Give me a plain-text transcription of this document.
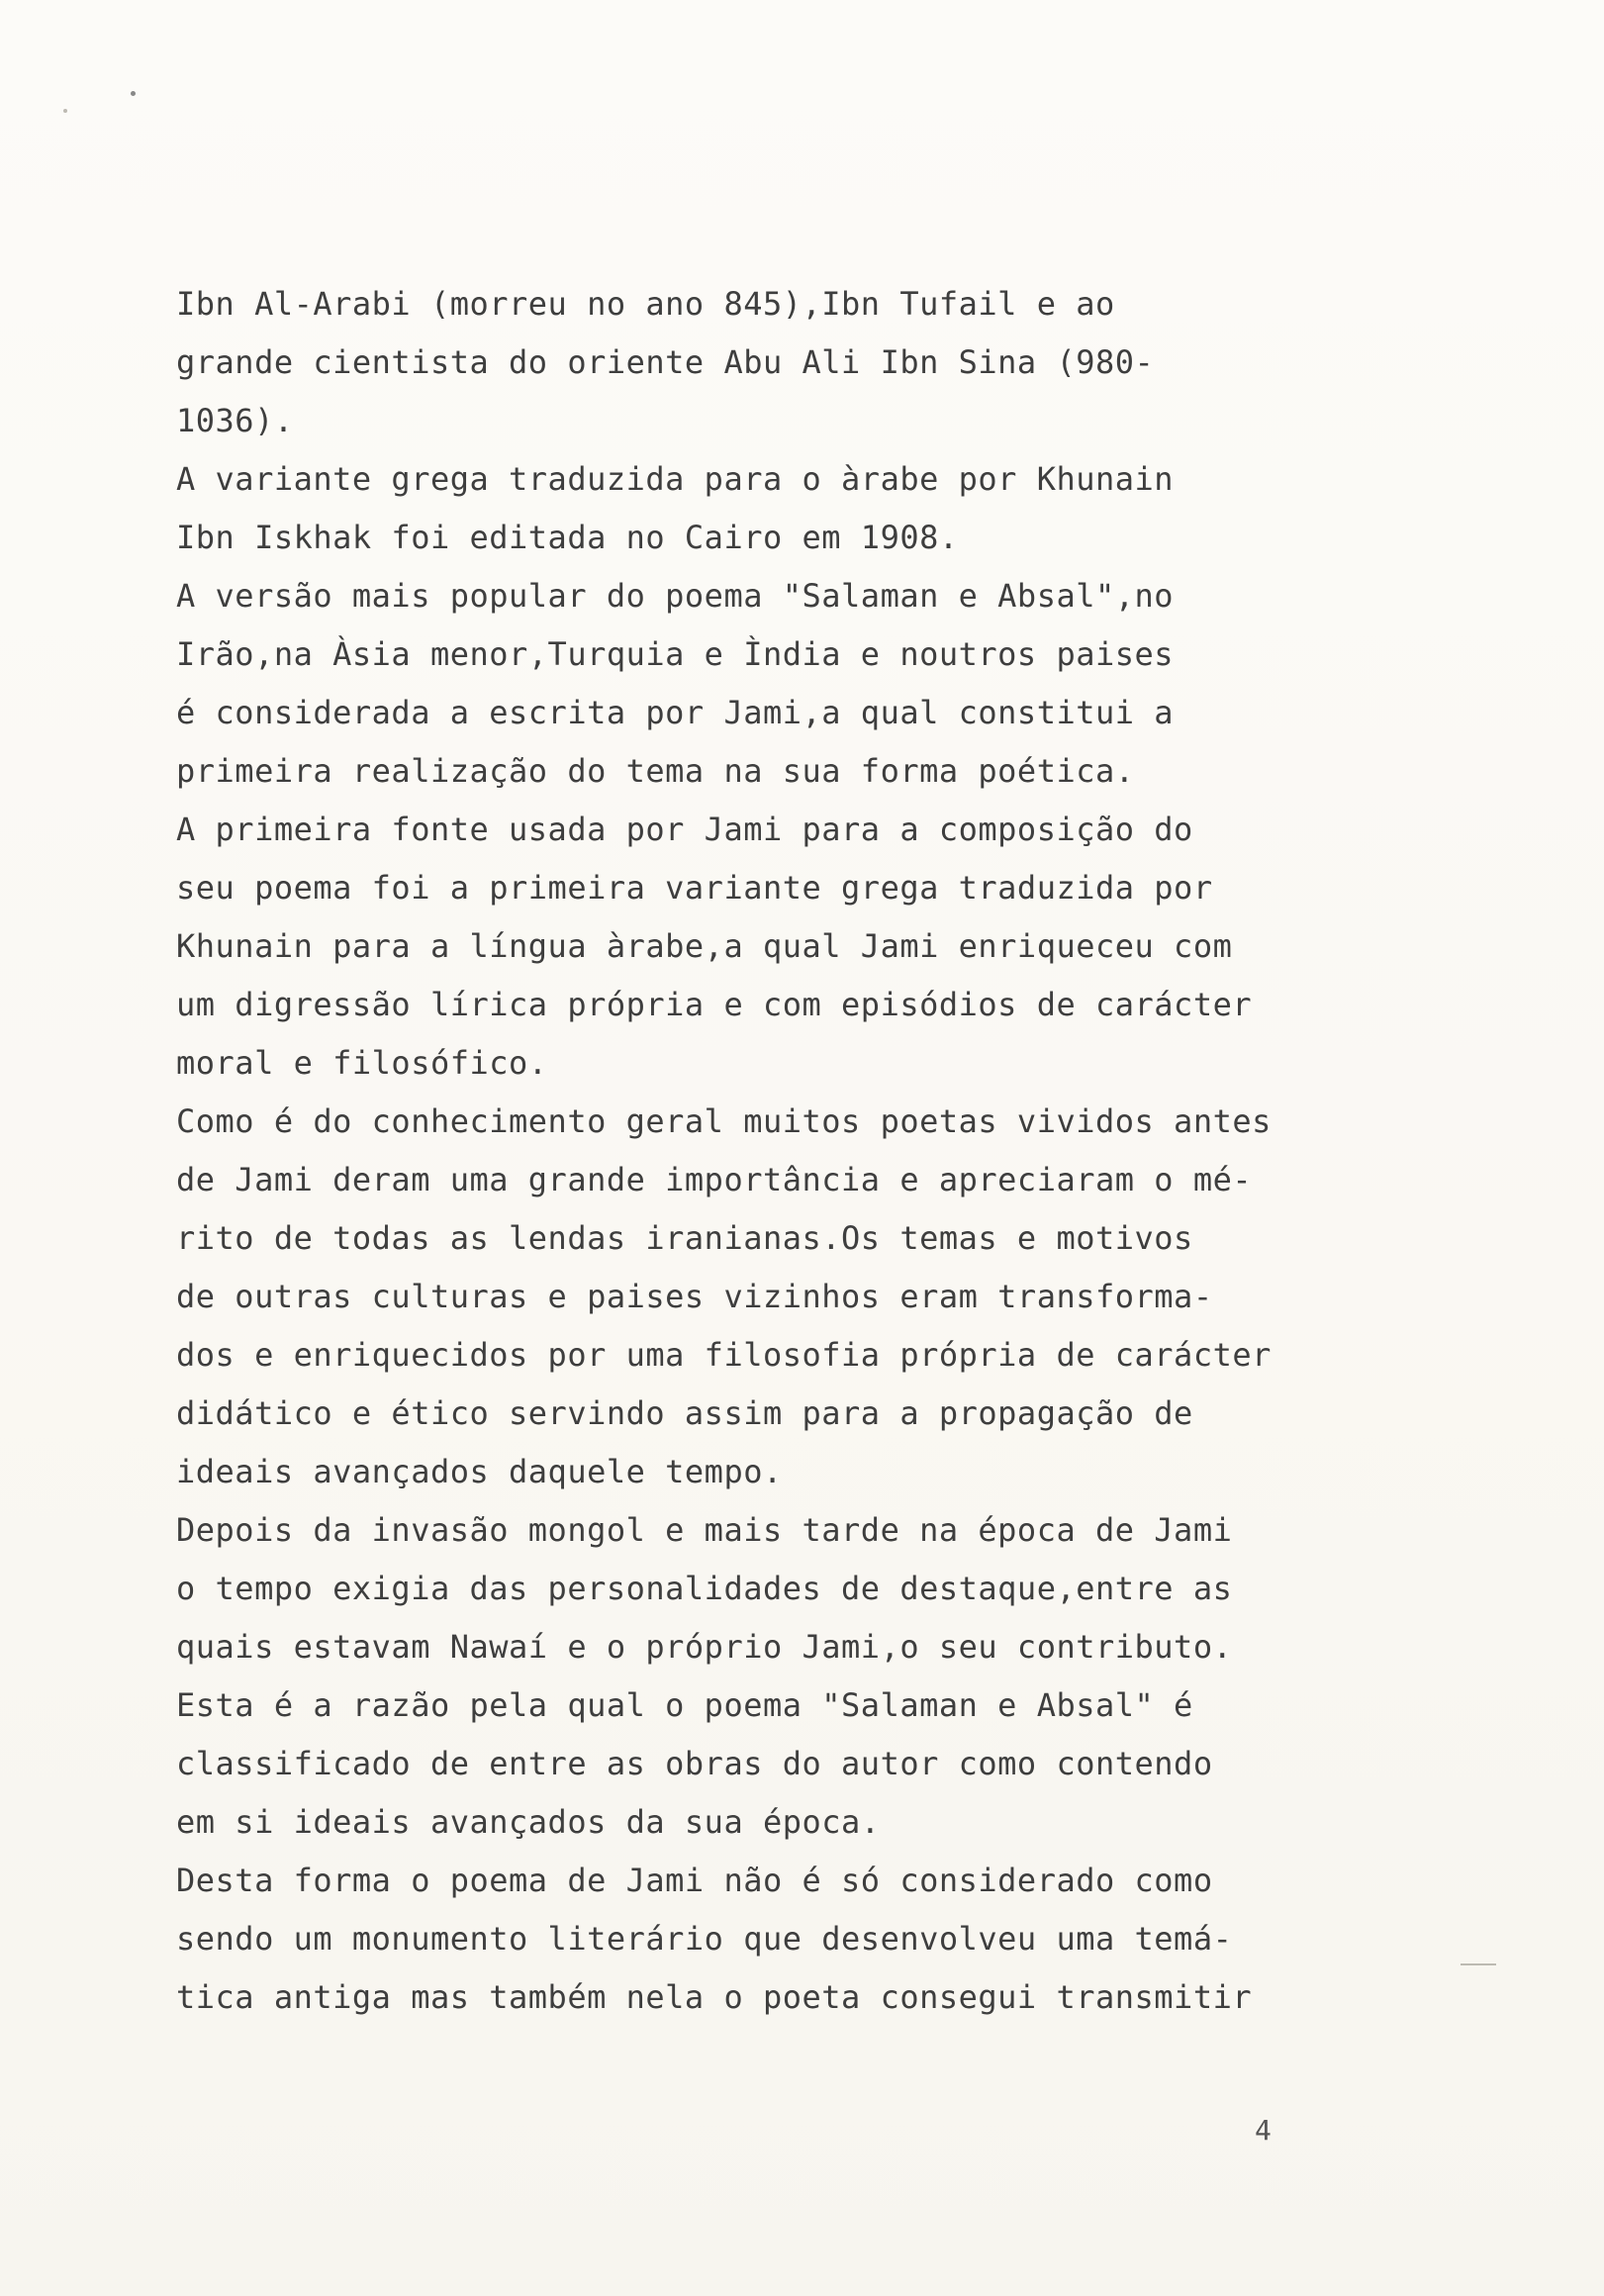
Ibn Al-Arabi (morreu no ano 845),Ibn Tufail e ao
grande cientista do oriente Abu Ali Ibn Sina (980-
1036).
A variante grega traduzida para o àrabe por Khunain
Ibn Iskhak foi editada no Cairo em 1908.
A versão mais popular do poema "Salaman e Absal",no
Irão,na Àsia menor,Turquia e Ìndia e noutros paises
é considerada a escrita por Jami,a qual constitui a
primeira realização do tema na sua forma poética.
A primeira fonte usada por Jami para a composição do
seu poema foi a primeira variante grega traduzida por
Khunain para a língua àrabe,a qual Jami enriqueceu com
um digressão lírica própria e com episódios de carácter
moral e filosófico.
Como é do conhecimento geral muitos poetas vividos antes
de Jami deram uma grande importância e apreciaram o mé-
rito de todas as lendas iranianas.Os temas e motivos
de outras culturas e paises vizinhos eram transforma-
dos e enriquecidos por uma filosofia própria de carácter
didático e ético servindo assim para a propagação de
ideais avançados daquele tempo.
Depois da invasão mongol e mais tarde na época de Jami
o tempo exigia das personalidades de destaque,entre as
quais estavam Nawaí e o próprio Jami,o seu contributo.
Esta é a razão pela qual o poema "Salaman e Absal" é
classificado de entre as obras do autor como contendo
em si ideais avançados da sua época.
Desta forma o poema de Jami não é só considerado como
sendo um monumento literário que desenvolveu uma temá-
tica antiga mas também nela o poeta consegui transmitir
4
